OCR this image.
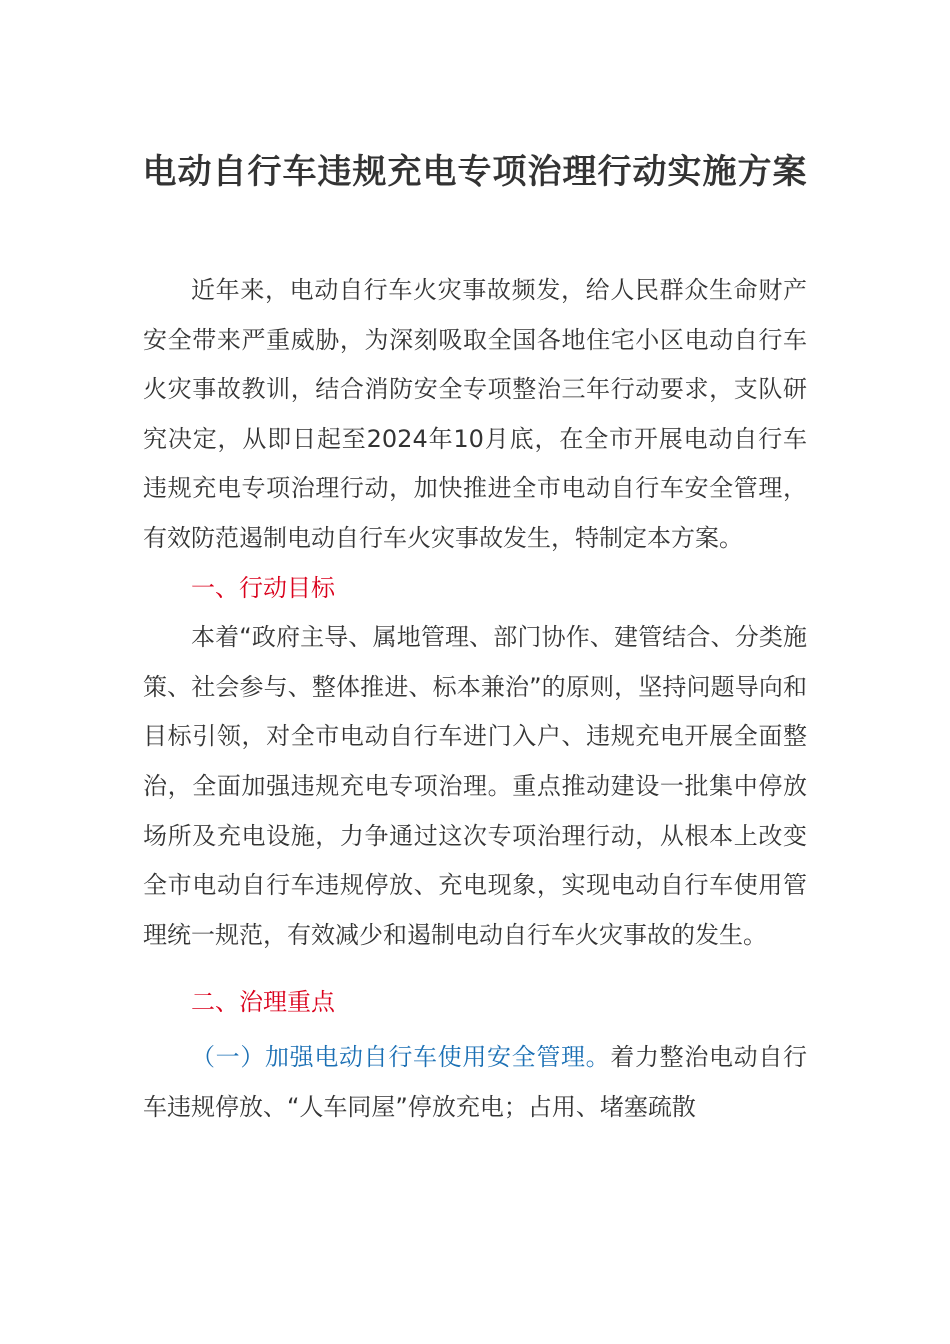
电动自行车违规充电专项治理行动实施方案

近年来，电动自行车火灾事故频发，给人民群众生命财产安全带来严重威胁，为深刻吸取全国各地住宅小区电动自行车火灾事故教训，结合消防安全专项整治三年行动要求，支队研究决定，从即日起至2024年10月底，在全市开展电动自行车违规充电专项治理行动，加快推进全市电动自行车安全管理，有效防范遏制电动自行车火灾事故发生，特制定本方案。

一、行动目标

本着“政府主导、属地管理、部门协作、建管结合、分类施策、社会参与、整体推进、标本兼治”的原则，坚持问题导向和目标引领，对全市电动自行车进门入户、违规充电开展全面整治，全面加强违规充电专项治理。重点推动建设一批集中停放场所及充电设施，力争通过这次专项治理行动，从根本上改变全市电动自行车违规停放、充电现象，实现电动自行车使用管理统一规范，有效减少和遏制电动自行车火灾事故的发生。

二、治理重点

（一）加强电动自行车使用安全管理。着力整治电动自行车违规停放、“人车同屋”停放充电；占用、堵塞疏散
